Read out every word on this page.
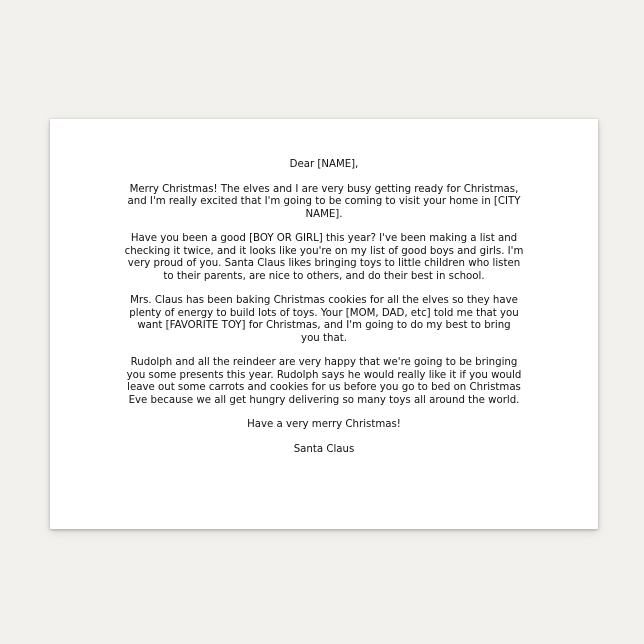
Dear [NAME],

Merry Christmas! The elves and I are very busy getting ready for Christmas,
and I'm really excited that I'm going to be coming to visit your home in [CITY
NAME].

Have you been a good [BOY OR GIRL] this year? I've been making a list and
checking it twice, and it looks like you're on my list of good boys and girls. I'm
very proud of you. Santa Claus likes bringing toys to little children who listen
to their parents, are nice to others, and do their best in school.

Mrs. Claus has been baking Christmas cookies for all the elves so they have
plenty of energy to build lots of toys. Your [MOM, DAD, etc] told me that you
want [FAVORITE TOY] for Christmas, and I'm going to do my best to bring
you that.

Rudolph and all the reindeer are very happy that we're going to be bringing
you some presents this year. Rudolph says he would really like it if you would
leave out some carrots and cookies for us before you go to bed on Christmas
Eve because we all get hungry delivering so many toys all around the world.

Have a very merry Christmas!

Santa Claus
